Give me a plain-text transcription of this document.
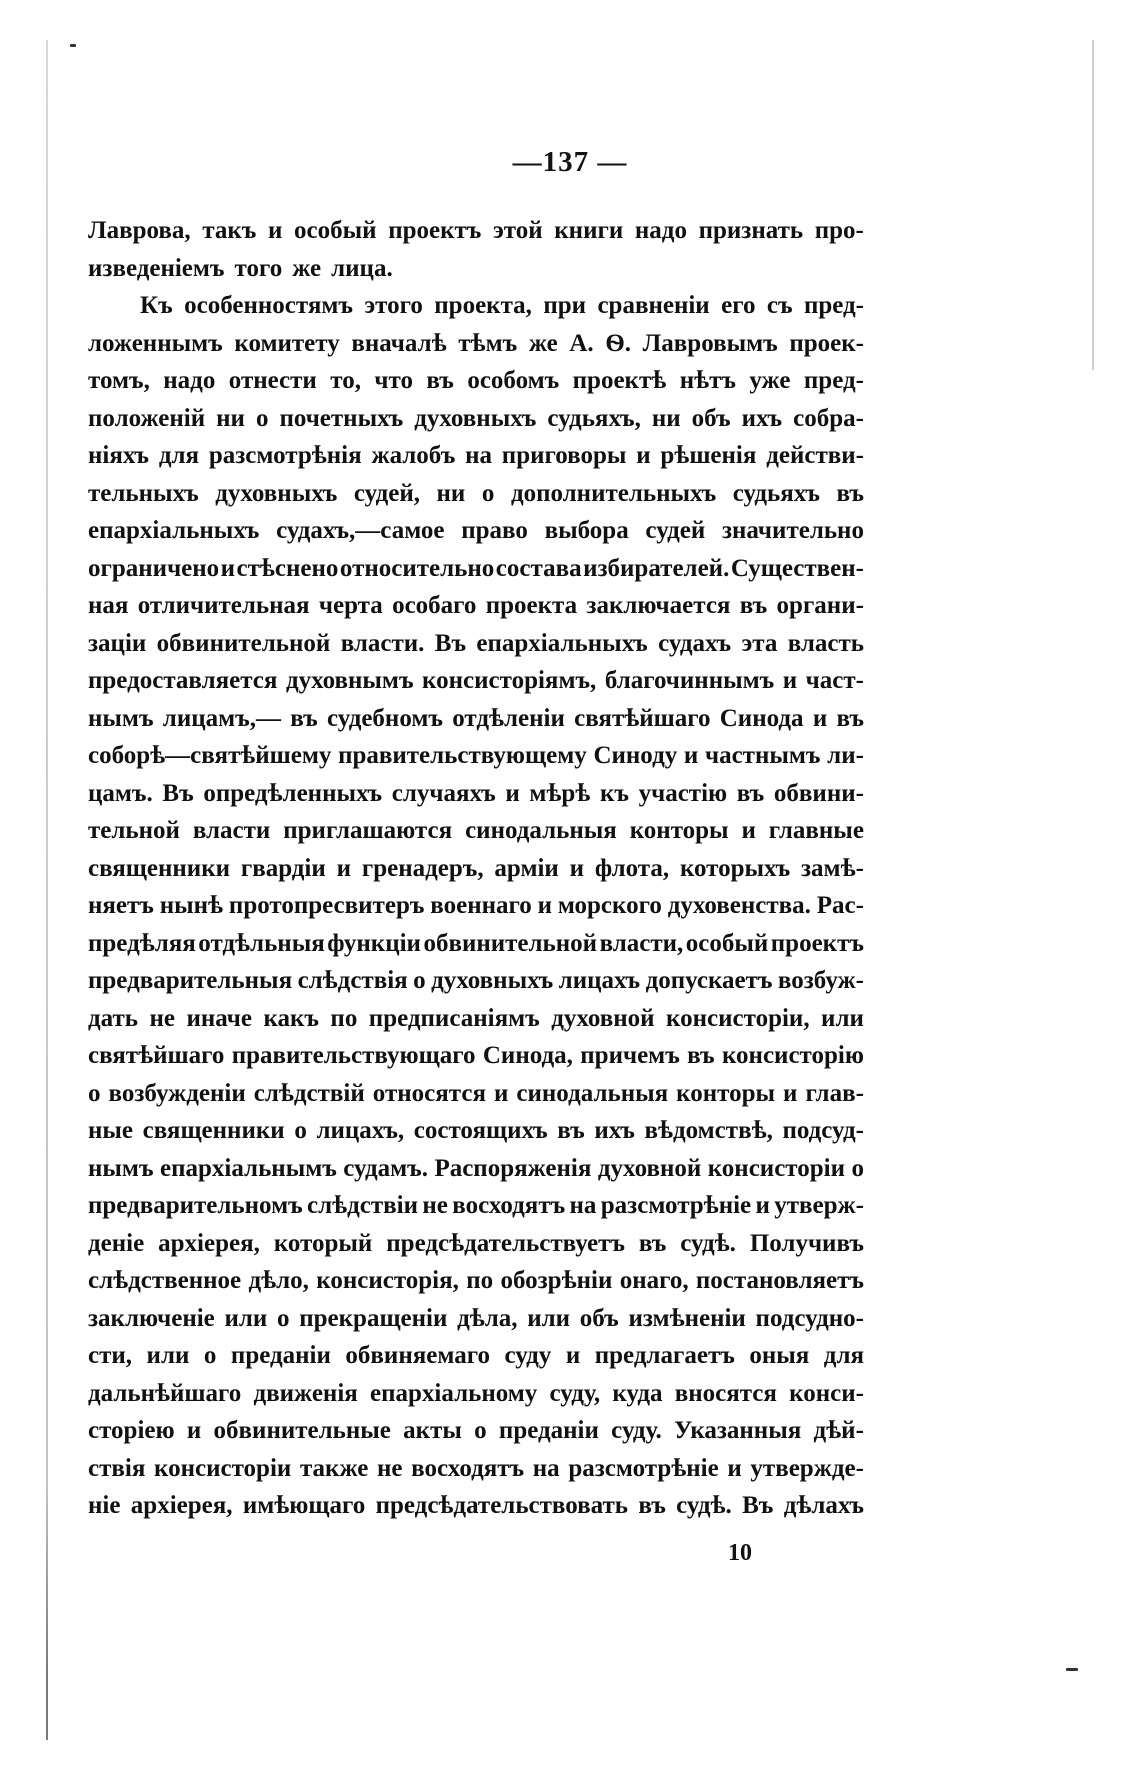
—137 —
Лаврова, такъ и особый проектъ этой книги надо признать про-
изведеніемъ того же лица.
Къ особенностямъ этого проекта, при сравненіи его съ пред-
ложеннымъ комитету вначалѣ тѣмъ же А. Ѳ. Лавровымъ проек-
томъ, надо отнести то, что въ особомъ проектѣ нѣтъ уже пред-
положеній ни о почетныхъ духовныхъ судьяхъ, ни объ ихъ собра-
ніяхъ для разсмотрѣнія жалобъ на приговоры и рѣшенія действи-
тельныхъ духовныхъ судей, ни о дополнительныхъ судьяхъ въ
епархіальныхъ судахъ,—самое право выбора судей значительно
ограничено и стѣснено относительно состава избирателей. Существен-
ная отличительная черта особаго проекта заключается въ органи-
заціи обвинительной власти. Въ епархіальныхъ судахъ эта власть
предоставляется духовнымъ консисторіямъ, благочиннымъ и част-
нымъ лицамъ,— въ судебномъ отдѣленіи святѣйшаго Синода и въ
соборѣ—святѣйшему правительствующему Синоду и частнымъ ли-
цамъ. Въ опредѣленныхъ случаяхъ и мѣрѣ къ участію въ обвини-
тельной власти приглашаются синодальныя конторы и главные
священники гвардіи и гренадеръ, арміи и флота, которыхъ замѣ-
няетъ нынѣ протопресвитеръ военнаго и морского духовенства. Рас-
предѣляя отдѣльныя функціи обвинительной власти, особый проектъ
предварительныя слѣдствія о духовныхъ лицахъ допускаетъ возбуж-
дать не иначе какъ по предписаніямъ духовной консисторіи, или
святѣйшаго правительствующаго Синода, причемъ въ консисторію
о возбужденіи слѣдствій относятся и синодальныя конторы и глав-
ные священники о лицахъ, состоящихъ въ ихъ вѣдомствѣ, подсуд-
нымъ епархіальнымъ судамъ. Распоряженія духовной консисторіи о
предварительномъ слѣдствіи не восходятъ на разсмотрѣніе и утверж-
деніе архіерея, который предсѣдательствуетъ въ судѣ. Получивъ
слѣдственное дѣло, консисторія, по обозрѣніи онаго, постановляетъ
заключеніе или о прекращеніи дѣла, или объ измѣненіи подсудно-
сти, или о преданіи обвиняемаго суду и предлагаетъ оныя для
дальнѣйшаго движенія епархіальному суду, куда вносятся конси-
сторіею и обвинительные акты о преданіи суду. Указанныя дѣй-
ствія консисторіи также не восходятъ на разсмотрѣніе и утвержде-
ніе архіерея, имѣющаго предсѣдательствовать въ судѣ. Въ дѣлахъ
10
